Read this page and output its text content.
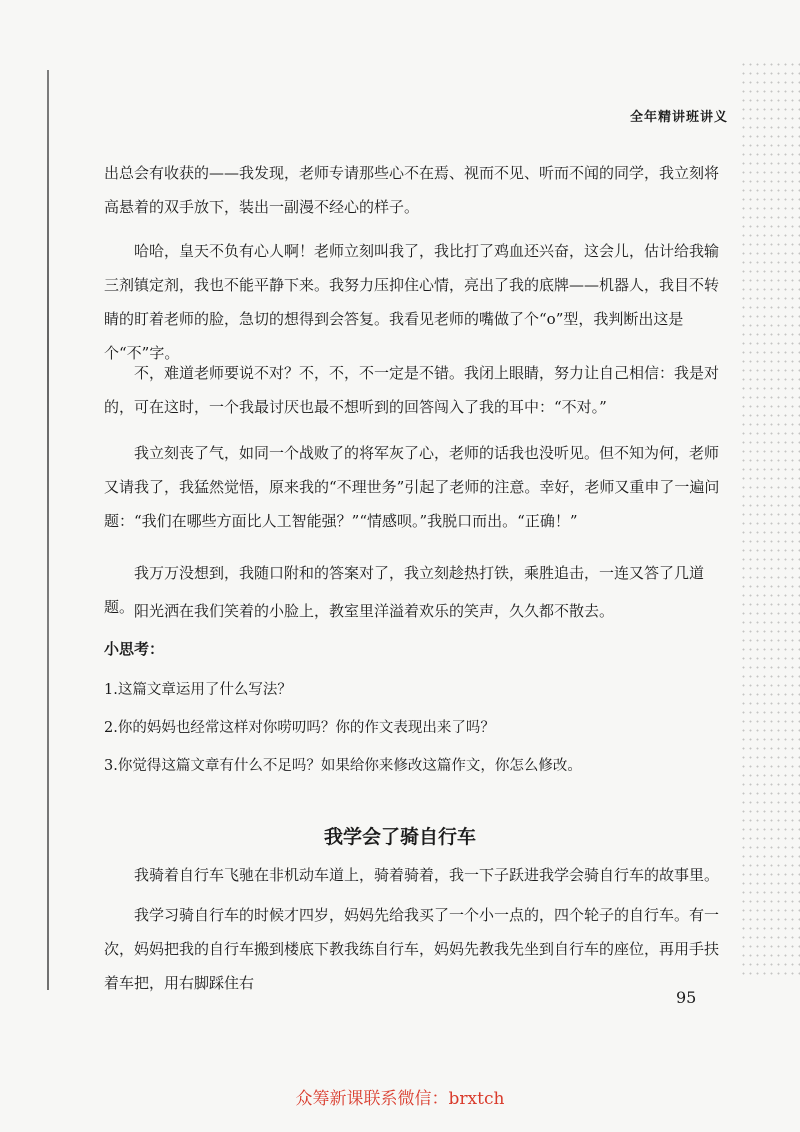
全年精讲班讲义

出总会有收获的——我发现，老师专请那些心不在焉、视而不见、听而不闻的同学，我立刻将高悬着的双手放下，装出一副漫不经心的样子。

哈哈，皇天不负有心人啊！老师立刻叫我了，我比打了鸡血还兴奋，这会儿，估计给我输三剂镇定剂，我也不能平静下来。我努力压抑住心情，亮出了我的底牌——机器人，我目不转睛的盯着老师的脸，急切的想得到会答复。我看见老师的嘴做了个“o”型，我判断出这是个“不”字。

不，难道老师要说不对？不，不，不一定是不错。我闭上眼睛，努力让自己相信：我是对的，可在这时，一个我最讨厌也最不想听到的回答闯入了我的耳中：“不对。”

我立刻丧了气，如同一个战败了的将军灰了心，老师的话我也没听见。但不知为何，老师又请我了，我猛然觉悟，原来我的“不理世务”引起了老师的注意。幸好，老师又重申了一遍问题：“我们在哪些方面比人工智能强？”“情感呗。”我脱口而出。“正确！”

我万万没想到，我随口附和的答案对了，我立刻趁热打铁，乘胜追击，一连又答了几道题。 阳光洒在我们笑着的小脸上，教室里洋溢着欢乐的笑声，久久都不散去。

小思考：
1.这篇文章运用了什么写法？
2.你的妈妈也经常这样对你唠叨吗？你的作文表现出来了吗？
3.你觉得这篇文章有什么不足吗？如果给你来修改这篇作文，你怎么修改。
我学会了骑自行车

我骑着自行车飞驰在非机动车道上，骑着骑着，我一下子跃进我学会骑自行车的故事里。

我学习骑自行车的时候才四岁，妈妈先给我买了一个小一点的，四个轮子的自行车。有一次，妈妈把我的自行车搬到楼底下教我练自行车，妈妈先教我先坐到自行车的座位，再用手扶着车把，用右脚踩住右

95
众筹新课联系微信：brxtch
